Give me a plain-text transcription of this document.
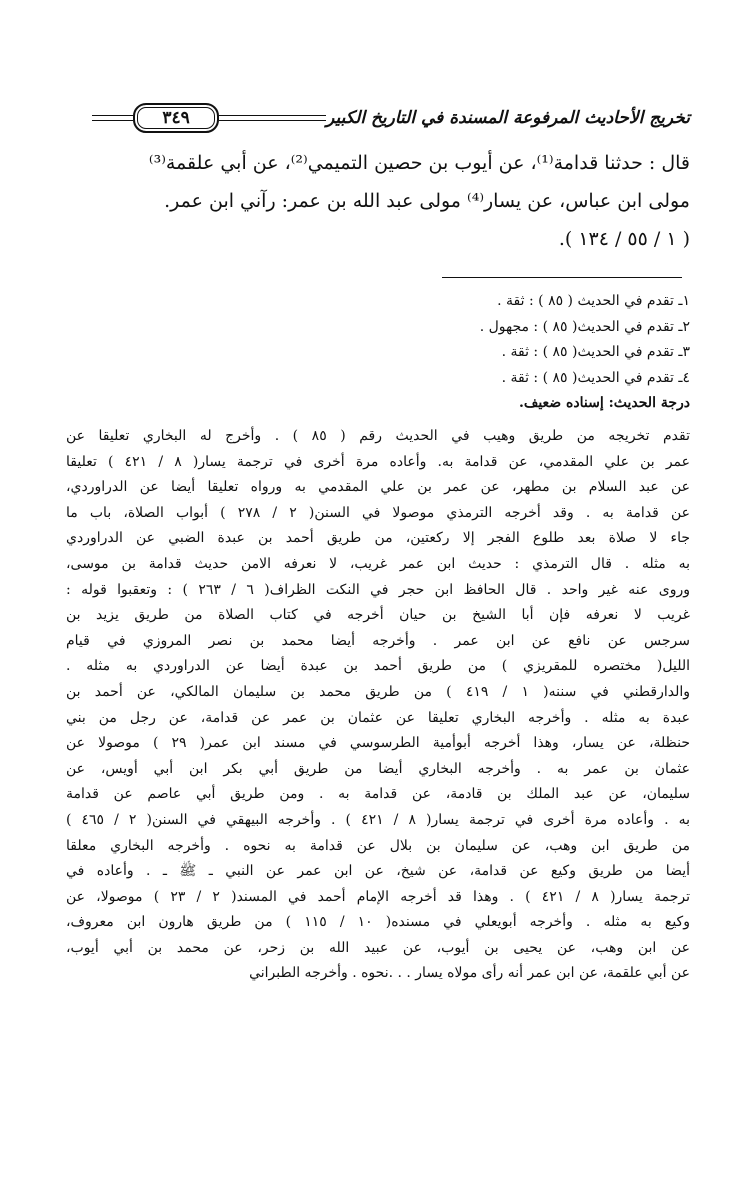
٣٤٩	تخريج الأحاديث المرفوعة المسندة في التاريخ الكبير

قال : حدثنا قدامة⁽¹⁾، عن أيوب بن حصين التميمي⁽²⁾، عن أبي علقمة⁽³⁾

مولى ابن عباس، عن يسار⁽⁴⁾ مولى عبد الله بن عمر: رآني ابن عمر.

( ١ / ٥٥ / ١٣٤ ).

١ـ تقدم في الحديث ( ٨٥ ) : ثقة .

٢ـ تقدم في الحديث( ٨٥ ) : مجهول .

٣ـ تقدم في الحديث( ٨٥ ) : ثقة .

٤ـ تقدم في الحديث( ٨٥ ) : ثقة .

درجة الحديث: إسناده ضعيف.

تقدم تخريجه من طريق وهيب في الحديث رقم ( ٨٥ ) . وأخرج له البخاري تعليقا عن

عمر بن علي المقدمي، عن قدامة به. وأعاده مرة أخرى في ترجمة يسار( ٨ / ٤٢١ ) تعليقا

عن عبد السلام بن مطهر، عن عمر بن علي المقدمي به ورواه تعليقا أيضا عن الدراوردي،

عن قدامة به . وقد أخرجه الترمذي موصولا في السنن( ٢ / ٢٧٨ ) أبواب الصلاة، باب ما

جاء لا صلاة بعد طلوع الفجر إلا ركعتين، من طريق أحمد بن عبدة الضبي عن الدراوردي

به مثله . قال الترمذي : حديث ابن عمر غريب، لا نعرفه الامن حديث قدامة بن موسى،

وروى عنه غير واحد . قال الحافظ ابن حجر في النكت الظراف( ٦ / ٢٦٣ ) : وتعقبوا قوله :

غريب لا نعرفه فإن أبا الشيخ بن حيان أخرجه في كتاب الصلاة من طريق يزيد بن

سرجس عن نافع عن ابن عمر . وأخرجه أيضا محمد بن نصر المروزي في قيام

الليل( مختصره للمقريزي ) من طريق أحمد بن عبدة أيضا عن الدراوردي به مثله .

والدارقطني في سننه( ١ / ٤١٩ ) من طريق محمد بن سليمان المالكي، عن أحمد بن

عبدة به مثله . وأخرجه البخاري تعليقا عن عثمان بن عمر عن قدامة، عن رجل من بني

حنظلة، عن يسار، وهذا أخرجه أبوأمية الطرسوسي في مسند ابن عمر( ٢٩ ) موصولا عن

عثمان بن عمر به . وأخرجه البخاري أيضا من طريق أبي بكر ابن أبي أويس، عن

سليمان، عن عبد الملك بن قادمة، عن قدامة به . ومن طريق أبي عاصم عن قدامة

به . وأعاده مرة أخرى في ترجمة يسار( ٨ / ٤٢١ ) . وأخرجه البيهقي في السنن( ٢ / ٤٦٥ )

من طريق ابن وهب، عن سليمان بن بلال عن قدامة به نحوه . وأخرجه البخاري معلقا

أيضا من طريق وكيع عن قدامة، عن شيخ، عن ابن عمر عن النبي ـ ﷺ ـ . وأعاده في

ترجمة يسار( ٨ / ٤٢١ ) . وهذا قد أخرجه الإمام أحمد في المسند( ٢ / ٢٣ ) موصولا، عن

وكيع به مثله . وأخرجه أبويعلي في مسنده( ١٠ / ١١٥ ) من طريق هارون ابن معروف،

عن ابن وهب، عن يحيى بن أيوب، عن عبيد الله بن زحر، عن محمد بن أبي أيوب،

عن أبي علقمة، عن ابن عمر أنه رأى مولاه يسار . . .نحوه . وأخرجه الطبراني
